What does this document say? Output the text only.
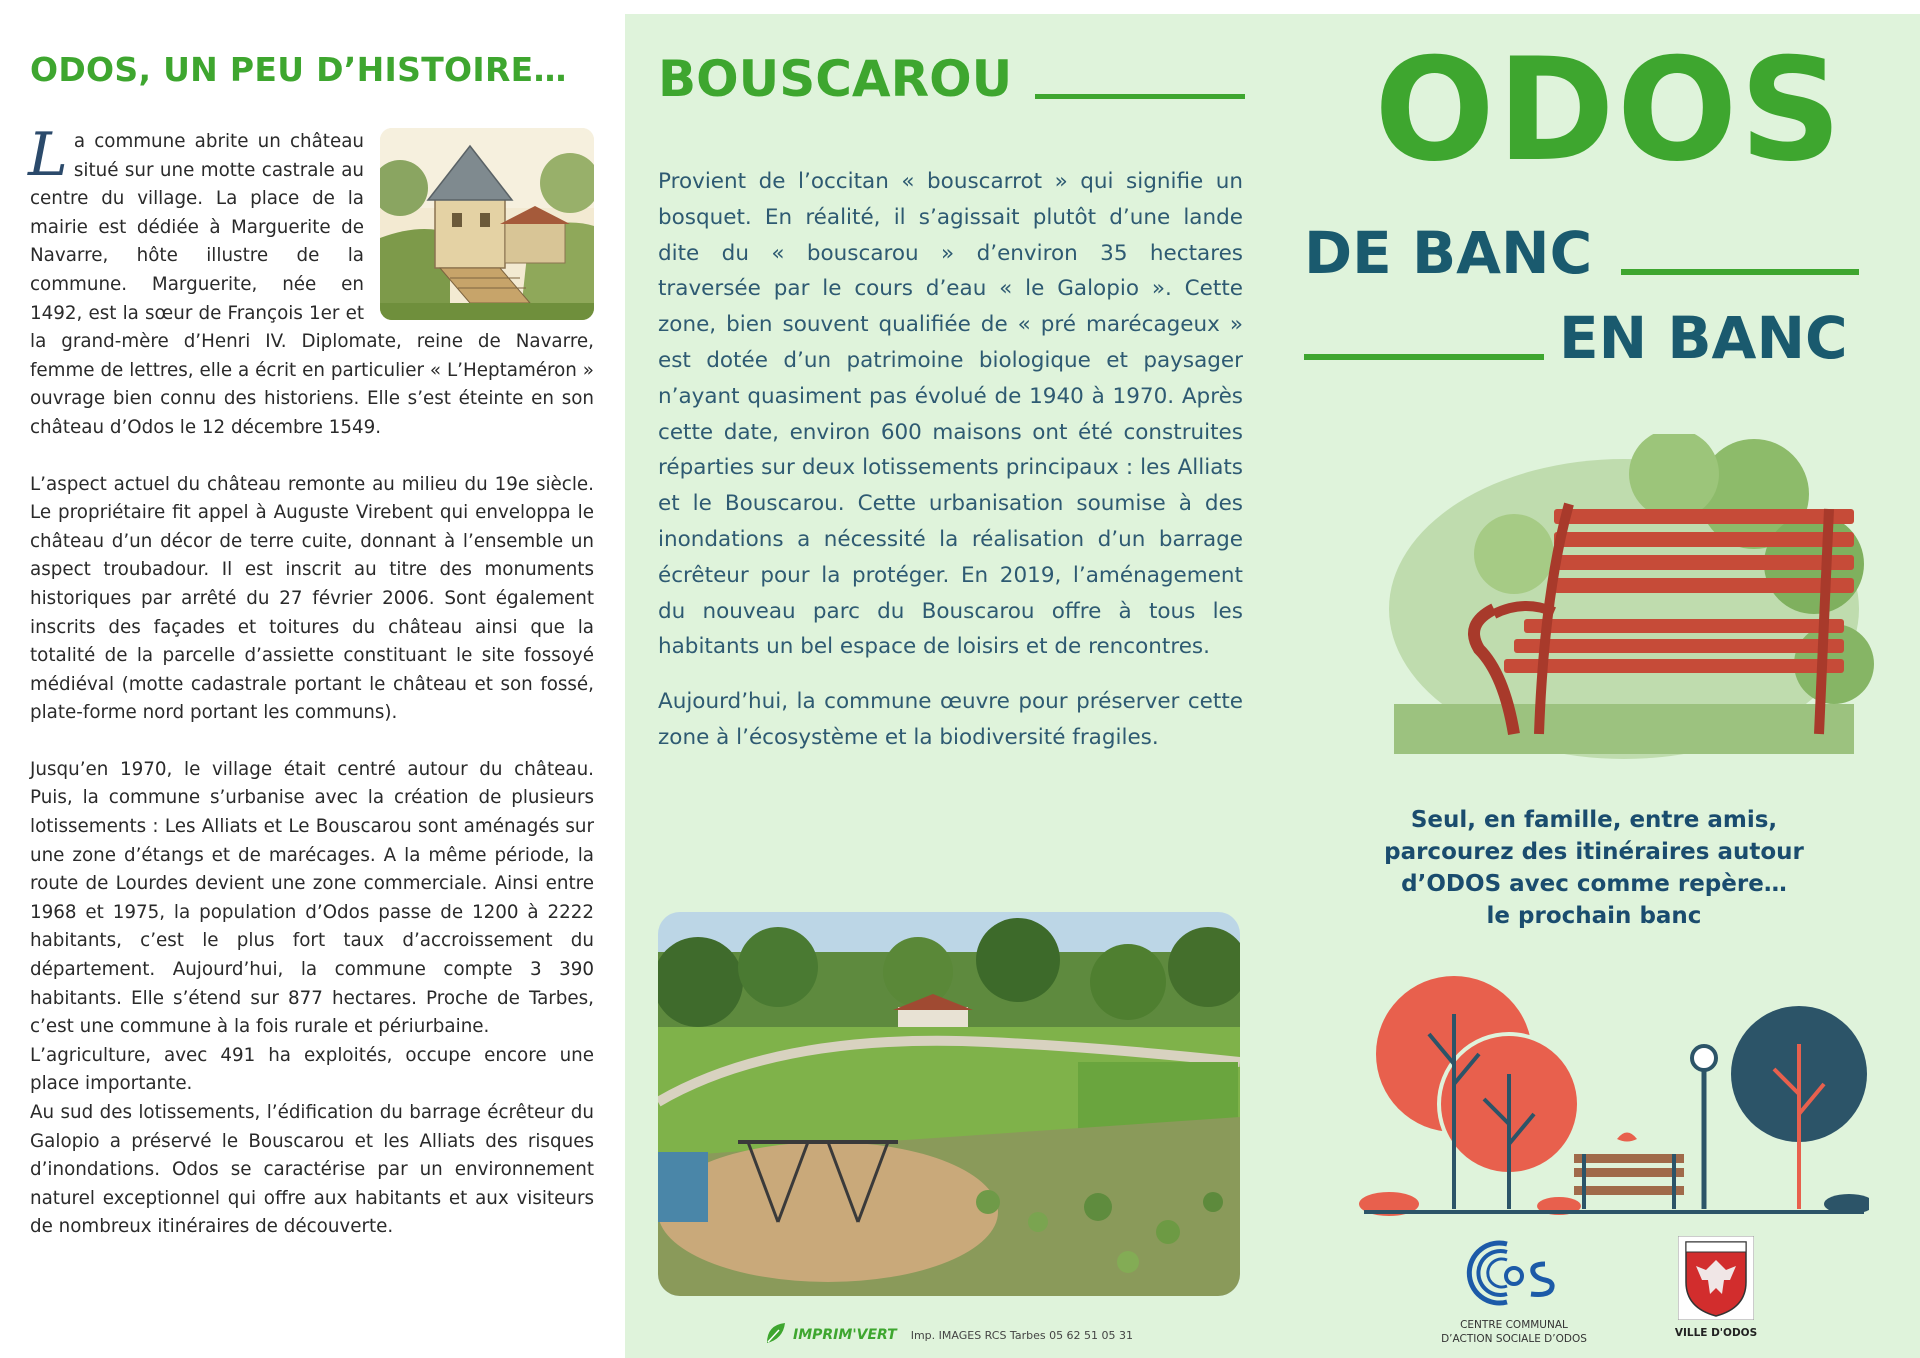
ODOS, UN PEU D’HISTOIRE…

La commune abrite un château situé sur une motte castrale au centre du village. La place de la mairie est dédiée à Marguerite de Navarre, hôte illustre de la commune. Marguerite, née en 1492, est la sœur de François 1er et la grand-mère d’Henri IV. Diplomate, reine de Navarre, femme de lettres, elle a écrit en particulier « L’Heptaméron » ouvrage bien connu des historiens. Elle s’est éteinte en son château d’Odos le 12 décembre 1549.

L’aspect actuel du château remonte au milieu du 19e siècle. Le propriétaire fit appel à Auguste Virebent qui enveloppa le château d’un décor de terre cuite, donnant à l’ensemble un aspect troubadour. Il est inscrit au titre des monuments historiques par arrêté du 27 février 2006. Sont également inscrits des façades et toitures du château ainsi que la totalité de la parcelle d’assiette constituant le site fossoyé médiéval (motte cadastrale portant le château et son fossé, plate-forme nord portant les communs).

Jusqu’en 1970, le village était centré autour du château. Puis, la commune s’urbanise avec la création de plusieurs lotissements : Les Alliats et Le Bouscarou sont aménagés sur une zone d’étangs et de marécages. A la même période, la route de Lourdes devient une zone commerciale. Ainsi entre 1968 et 1975, la population d’Odos passe de 1200 à 2222 habitants, c’est le plus fort taux d’accroissement du département. Aujourd’hui, la commune compte 3 390 habitants. Elle s’étend sur 877 hectares. Proche de Tarbes, c’est une commune à la fois rurale et périurbaine.

L’agriculture, avec 491 ha exploités, occupe encore une place importante.

Au sud des lotissements, l’édification du barrage écrêteur du Galopio a préservé le Bouscarou et les Alliats des risques d’inondations. Odos se caractérise par un environnement naturel exceptionnel qui offre aux habitants et aux visiteurs de nombreux itinéraires de découverte.

BOUSCAROU

Provient de l’occitan « bouscarrot » qui signifie un bosquet. En réalité, il s’agissait plutôt d’une lande dite du « bouscarou » d’environ 35 hectares traversée par le cours d’eau « le Galopio ». Cette zone, bien souvent qualifiée de « pré marécageux » est dotée d’un patrimoine biologique et paysager n’ayant quasiment pas évolué de 1940 à 1970. Après cette date, environ 600 maisons ont été construites réparties sur deux lotissements principaux : les Alliats et le Bouscarou. Cette urbanisation soumise à des inondations a nécessité la réalisation d’un barrage écrêteur pour la protéger. En 2019, l’aménagement du nouveau parc du Bouscarou offre à tous les habitants un bel espace de loisirs et de rencontres.

Aujourd’hui, la commune œuvre pour préserver cette zone à l’écosystème et la biodiversité fragiles.

IMPRIM'VERT Imp. IMAGES RCS Tarbes 05 62 51 05 31
ODOS
DE BANC
EN BANC
Seul, en famille, entre amis,
parcourez des itinéraires autour
d’ODOS avec comme repère…
le prochain banc
CENTRE COMMUNAL
D’ACTION SOCIALE D’ODOS	VILLE D'ODOS
